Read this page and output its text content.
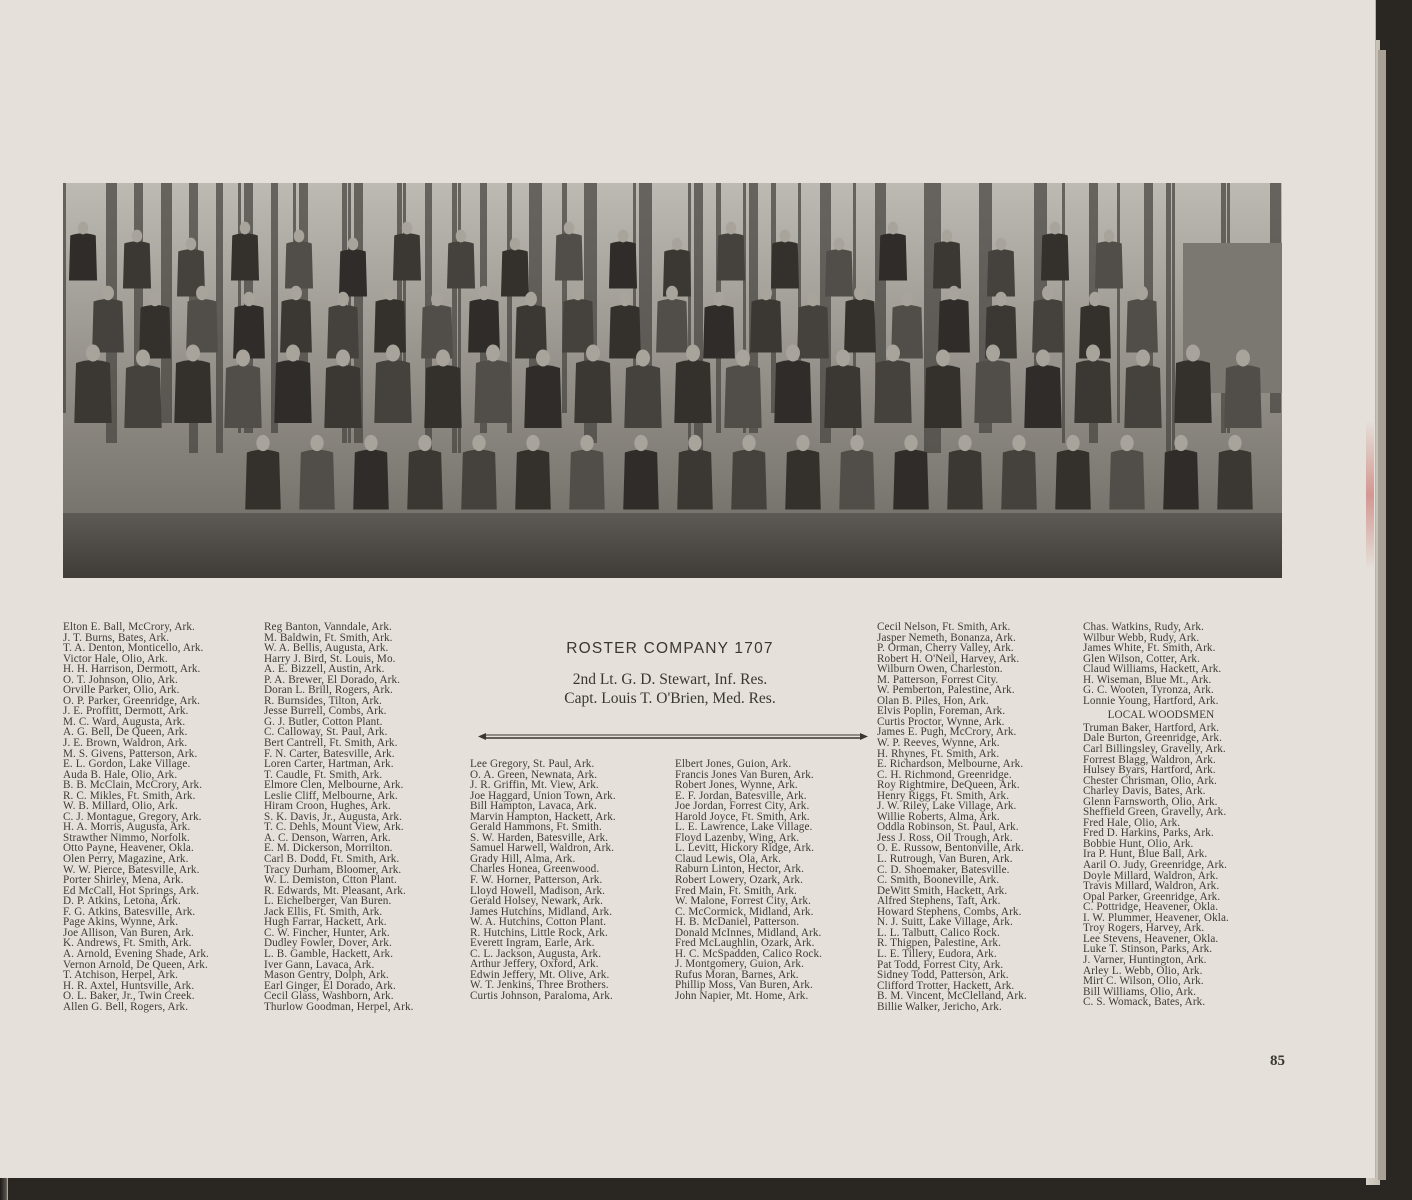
Elton E. Ball, McCrory, Ark.
J. T. Burns, Bates, Ark.
T. A. Denton, Monticello, Ark.
Victor Hale, Olio, Ark.
H. H. Harrison, Dermott, Ark.
O. T. Johnson, Olio, Ark.
Orville Parker, Olio, Ark.
O. P. Parker, Greenridge, Ark.
J. E. Proffitt, Dermott, Ark.
M. C. Ward, Augusta, Ark.
A. G. Bell, De Queen, Ark.
J. E. Brown, Waldron, Ark.
M. S. Givens, Patterson, Ark.
E. L. Gordon, Lake Village.
Auda B. Hale, Olio, Ark.
B. B. McClain, McCrory, Ark.
R. C. Mikles, Ft. Smith, Ark.
W. B. Millard, Olio, Ark.
C. J. Montague, Gregory, Ark.
H. A. Morris, Augusta, Ark.
Strawther Nimmo, Norfolk.
Otto Payne, Heavener, Okla.
Olen Perry, Magazine, Ark.
W. W. Pierce, Batesville, Ark.
Porter Shirley, Mena, Ark.
Ed McCall, Hot Springs, Ark.
D. P. Atkins, Letona, Ark.
F. G. Atkins, Batesville, Ark.
Page Akins, Wynne, Ark.
Joe Allison, Van Buren, Ark.
K. Andrews, Ft. Smith, Ark.
A. Arnold, Evening Shade, Ark.
Vernon Arnold, De Queen, Ark.
T. Atchison, Herpel, Ark.
H. R. Axtel, Huntsville, Ark.
O. L. Baker, Jr., Twin Creek.
Allen G. Bell, Rogers, Ark.
Reg Banton, Vanndale, Ark.
M. Baldwin, Ft. Smith, Ark.
W. A. Bellis, Augusta, Ark.
Harry J. Bird, St. Louis, Mo.
A. E. Bizzell, Austin, Ark.
P. A. Brewer, El Dorado, Ark.
Doran L. Brill, Rogers, Ark.
R. Burnsides, Tilton, Ark.
Jesse Burrell, Combs, Ark.
G. J. Butler, Cotton Plant.
C. Calloway, St. Paul, Ark.
Bert Cantrell, Ft. Smith, Ark.
F. N. Carter, Batesville, Ark.
Loren Carter, Hartman, Ark.
T. Caudle, Ft. Smith, Ark.
Elmore Clen, Melbourne, Ark.
Leslie Cliff, Melbourne, Ark.
Hiram Croon, Hughes, Ark.
S. K. Davis, Jr., Augusta, Ark.
T. C. Dehls, Mount View, Ark.
A. C. Denson, Warren, Ark.
E. M. Dickerson, Morrilton.
Carl B. Dodd, Ft. Smith, Ark.
Tracy Durham, Bloomer, Ark.
W. L. Demiston, Ctton Plant.
R. Edwards, Mt. Pleasant, Ark.
L. Eichelberger, Van Buren.
Jack Ellis, Ft. Smith, Ark.
Hugh Farrar, Hackett, Ark.
C. W. Fincher, Hunter, Ark.
Dudley Fowler, Dover, Ark.
L. B. Gamble, Hackett, Ark.
Iver Gann, Lavaca, Ark.
Mason Gentry, Dolph, Ark.
Earl Ginger, El Dorado, Ark.
Cecil Glass, Washborn, Ark.
Thurlow Goodman, Herpel, Ark.
ROSTER COMPANY 1707
2nd Lt. G. D. Stewart, Inf. Res.
Capt. Louis T. O'Brien, Med. Res.
Lee Gregory, St. Paul, Ark.
O. A. Green, Newnata, Ark.
J. R. Griffin, Mt. View, Ark.
Joe Haggard, Union Town, Ark.
Bill Hampton, Lavaca, Ark.
Marvin Hampton, Hackett, Ark.
Gerald Hammons, Ft. Smith.
S. W. Harden, Batesville, Ark.
Samuel Harwell, Waldron, Ark.
Grady Hill, Alma, Ark.
Charles Honea, Greenwood.
F. W. Horner, Patterson, Ark.
Lloyd Howell, Madison, Ark.
Gerald Holsey, Newark, Ark.
James Hutchins, Midland, Ark.
W. A. Hutchins, Cotton Plant.
R. Hutchins, Little Rock, Ark.
Everett Ingram, Earle, Ark.
C. L. Jackson, Augusta, Ark.
Arthur Jeffery, Oxford, Ark.
Edwin Jeffery, Mt. Olive, Ark.
W. T. Jenkins, Three Brothers.
Curtis Johnson, Paraloma, Ark.
Elbert Jones, Guion, Ark.
Francis Jones Van Buren, Ark.
Robert Jones, Wynne, Ark.
E. F. Jordan, Batesville, Ark.
Joe Jordan, Forrest City, Ark.
Harold Joyce, Ft. Smith, Ark.
L. E. Lawrence, Lake Village.
Floyd Lazenby, Wing, Ark.
L. Levitt, Hickory Ridge, Ark.
Claud Lewis, Ola, Ark.
Raburn Linton, Hector, Ark.
Robert Lowery, Ozark, Ark.
Fred Main, Ft. Smith, Ark.
W. Malone, Forrest City, Ark.
C. McCormick, Midland, Ark.
H. B. McDaniel, Patterson.
Donald McInnes, Midland, Ark.
Fred McLaughlin, Ozark, Ark.
H. C. McSpadden, Calico Rock.
J. Montgomery, Guion, Ark.
Rufus Moran, Barnes, Ark.
Phillip Moss, Van Buren, Ark.
John Napier, Mt. Home, Ark.
Cecil Nelson, Ft. Smith, Ark.
Jasper Nemeth, Bonanza, Ark.
P. Orman, Cherry Valley, Ark.
Robert H. O'Neil, Harvey, Ark.
Wilburn Owen, Charleston.
M. Patterson, Forrest City.
W. Pemberton, Palestine, Ark.
Olan B. Piles, Hon, Ark.
Elvis Poplin, Foreman, Ark.
Curtis Proctor, Wynne, Ark.
James E. Pugh, McCrory, Ark.
W. P. Reeves, Wynne, Ark.
H. Rhynes, Ft. Smith, Ark.
E. Richardson, Melbourne, Ark.
C. H. Richmond, Greenridge.
Roy Rightmire, DeQueen, Ark.
Henry Riggs, Ft. Smith, Ark.
J. W. Riley, Lake Village, Ark.
Willie Roberts, Alma, Ark.
Oddla Robinson, St. Paul, Ark.
Jess J. Ross, Oil Trough, Ark.
O. E. Russow, Bentonville, Ark.
L. Rutrough, Van Buren, Ark.
C. D. Shoemaker, Batesville.
C. Smith, Booneville, Ark.
DeWitt Smith, Hackett, Ark.
Alfred Stephens, Taft, Ark.
Howard Stephens, Combs, Ark.
N. J. Suitt, Lake Village, Ark.
L. L. Talbutt, Calico Rock.
R. Thigpen, Palestine, Ark.
L. E. Tillery, Eudora, Ark.
Pat Todd, Forrest City, Ark.
Sidney Todd, Patterson, Ark.
Clifford Trotter, Hackett, Ark.
B. M. Vincent, McClelland, Ark.
Billie Walker, Jericho, Ark.
Chas. Watkins, Rudy, Ark.
Wilbur Webb, Rudy, Ark.
James White, Ft. Smith, Ark.
Glen Wilson, Cotter, Ark.
Claud Williams, Hackett, Ark.
H. Wiseman, Blue Mt., Ark.
G. C. Wooten, Tyronza, Ark.
Lonnie Young, Hartford, Ark.
LOCAL WOODSMEN
Truman Baker, Hartford, Ark.
Dale Burton, Greenridge, Ark.
Carl Billingsley, Gravelly, Ark.
Forrest Blagg, Waldron, Ark.
Hulsey Byars, Hartford, Ark.
Chester Chrisman, Olio, Ark.
Charley Davis, Bates, Ark.
Glenn Farnsworth, Olio, Ark.
Sheffield Green, Gravelly, Ark.
Fred Hale, Olio, Ark.
Fred D. Harkins, Parks, Ark.
Bobbie Hunt, Olio, Ark.
Ira P. Hunt, Blue Ball, Ark.
Aaril O. Judy, Greenridge, Ark.
Doyle Millard, Waldron, Ark.
Travis Millard, Waldron, Ark.
Opal Parker, Greenridge, Ark.
C. Pottridge, Heavener, Okla.
I. W. Plummer, Heavener, Okla.
Troy Rogers, Harvey, Ark.
Lee Stevens, Heavener, Okla.
Luke T. Stinson, Parks, Ark.
J. Varner, Huntington, Ark.
Arley L. Webb, Olio, Ark.
Mirt C. Wilson, Olio, Ark.
Bill Williams, Olio, Ark.
C. S. Womack, Bates, Ark.
85
